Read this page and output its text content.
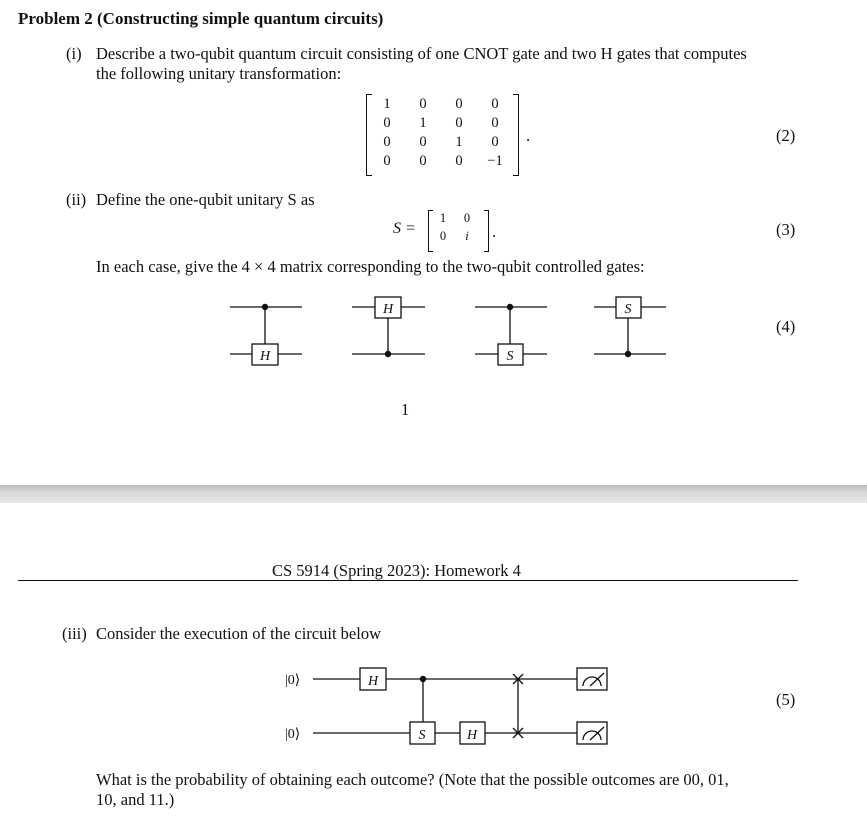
Problem 2 (Constructing simple quantum circuits)
(i) Describe a two-qubit quantum circuit consisting of one CNOT gate and two H gates that computes
the following unitary transformation:
1	0	0	0
0	1	0	0
0	0	1	0
0	0	0	−1
.	(2)
(ii) Define the one-qubit unitary S as
S =
1	0
0	i	.	(3)
In each case, give the 4 × 4 matrix corresponding to the two-qubit controlled gates:
H
H
S
S
(4)
1
CS 5914 (Spring 2023): Homework 4
(iii) Consider the execution of the circuit below
|0⟩
|0⟩
H
S	H
(5)
What is the probability of obtaining each outcome? (Note that the possible outcomes are 00, 01,
10, and 11.)
